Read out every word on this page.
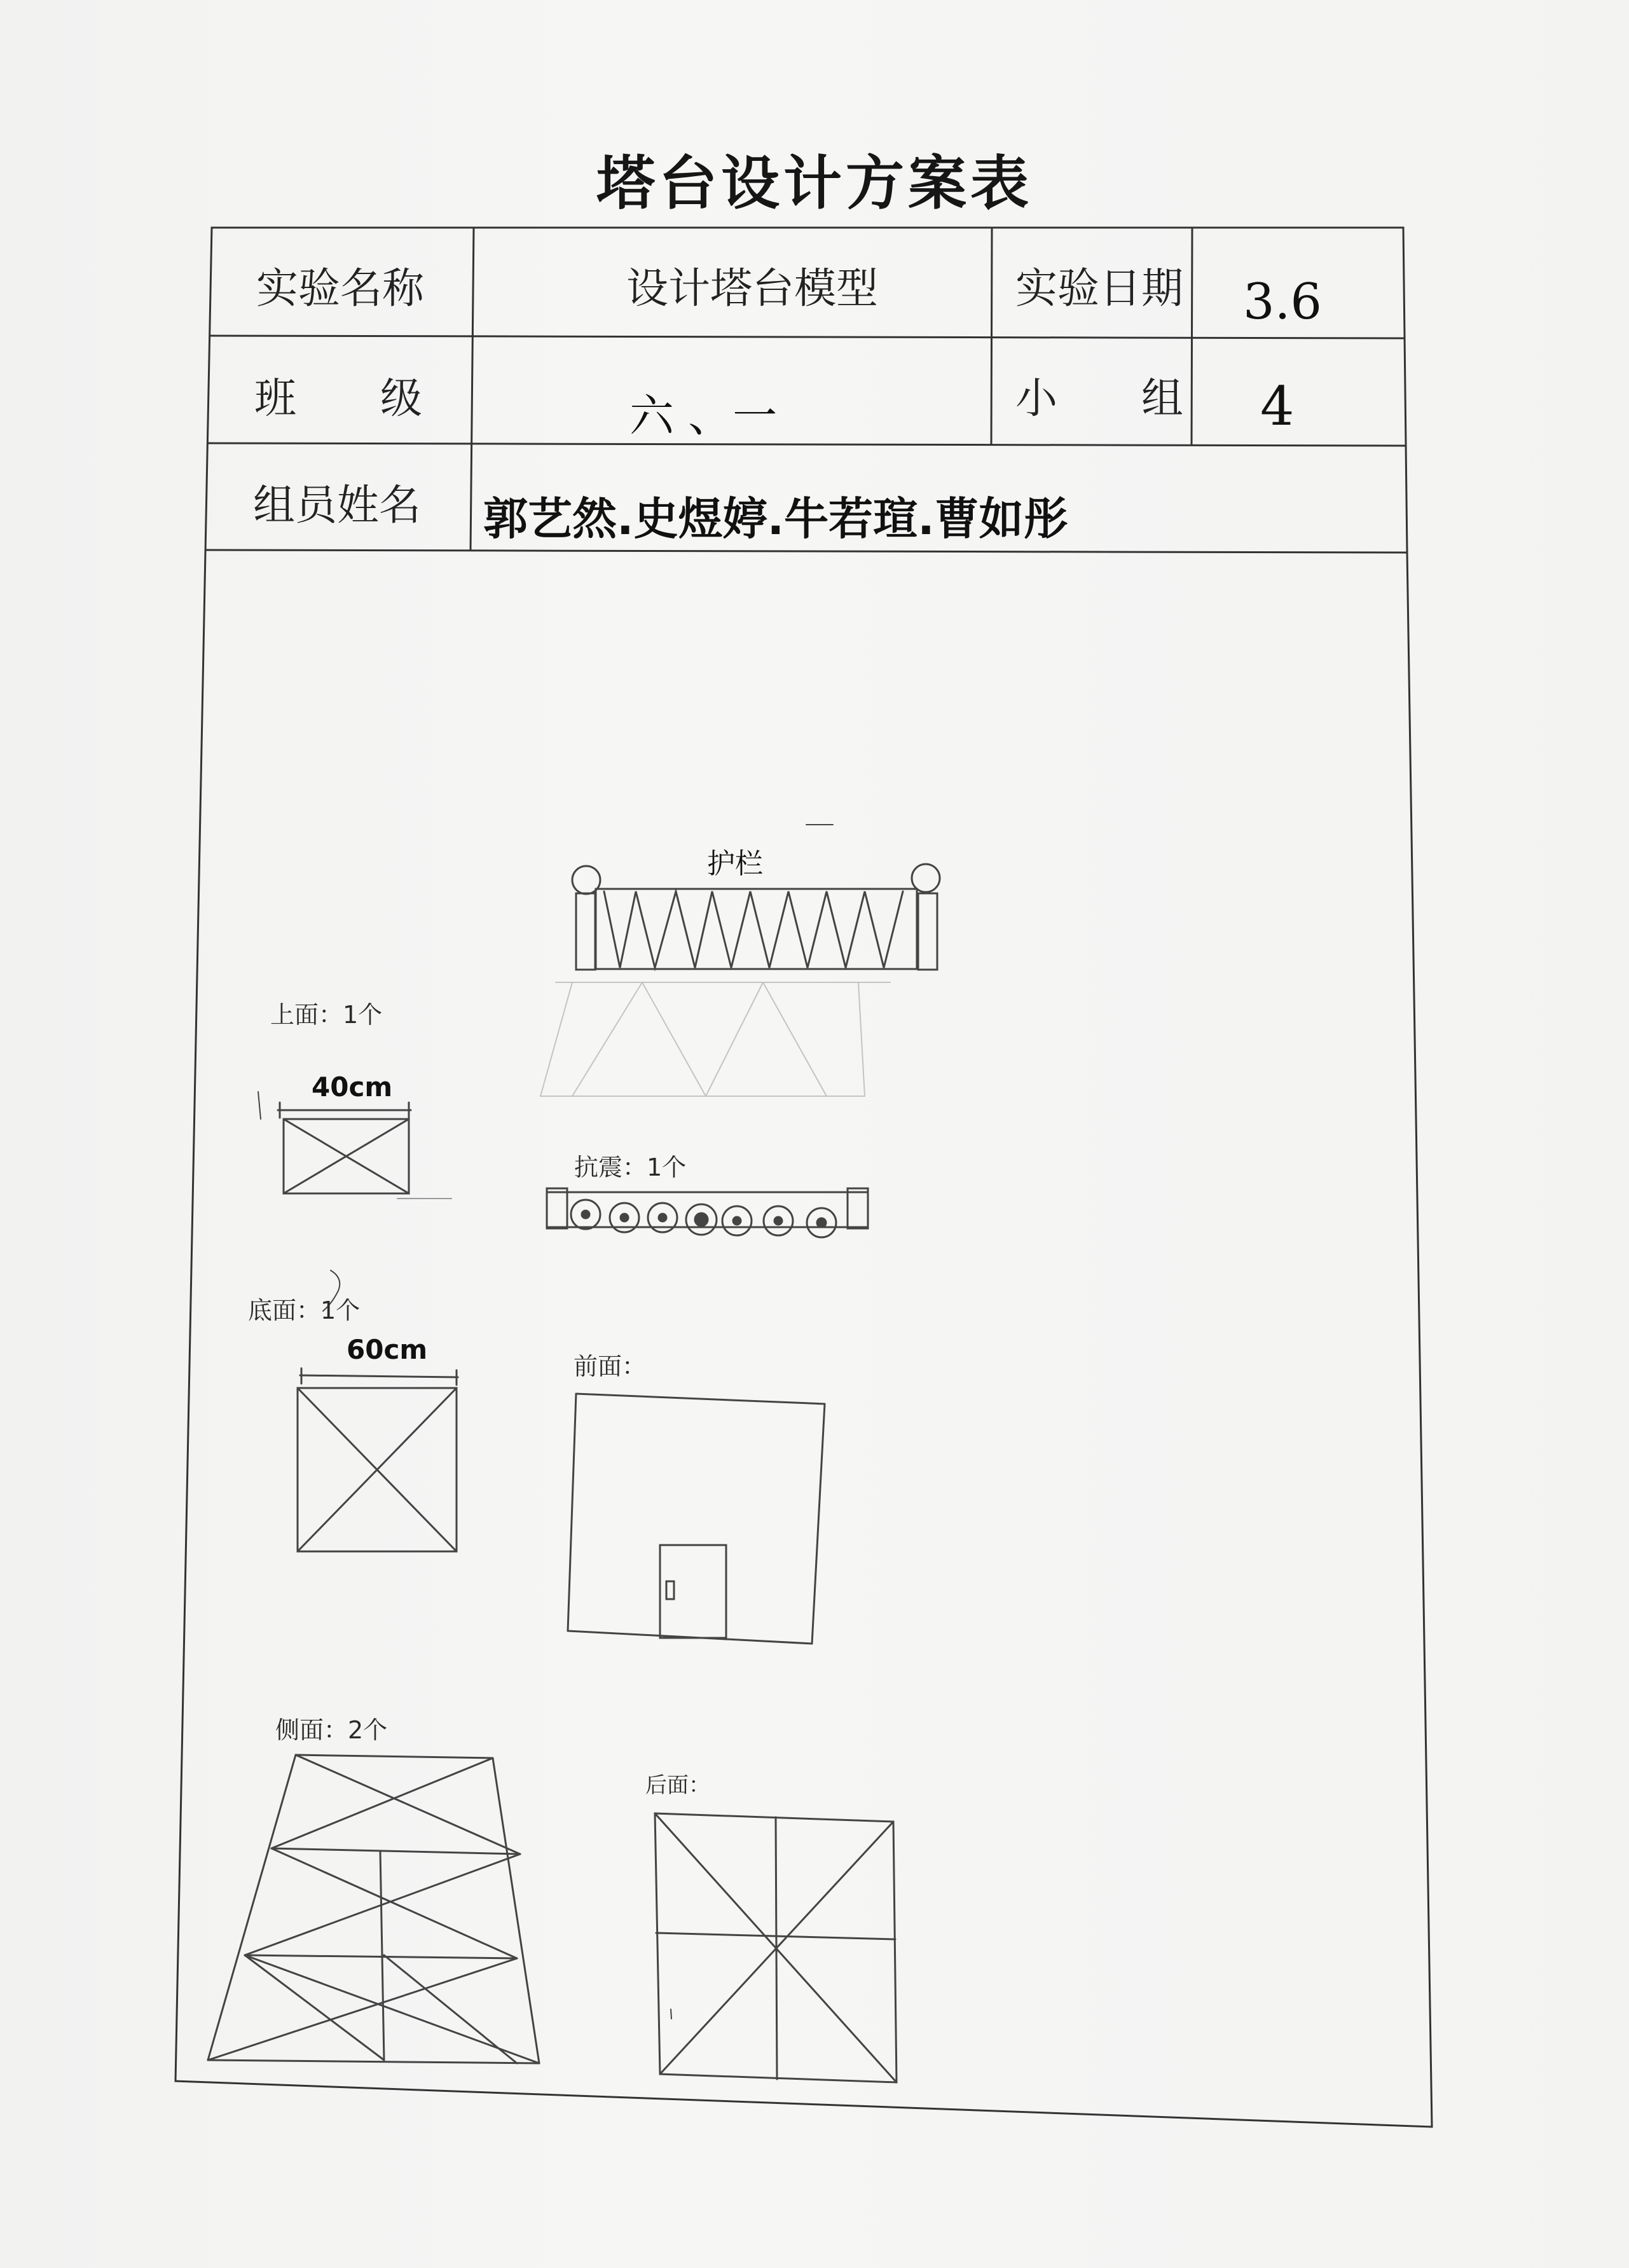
塔台设计方案表
实验名称	设计塔台模型	实验日期 3.6
班　　级	六 、一	小　　组 4
组员姓名 郭艺然.史煜婷.牛若瑄.曹如彤
护栏
上面：1个
40cm
抗震：1个
底面：1个
60cm
前面：
侧面：2个
后面：
